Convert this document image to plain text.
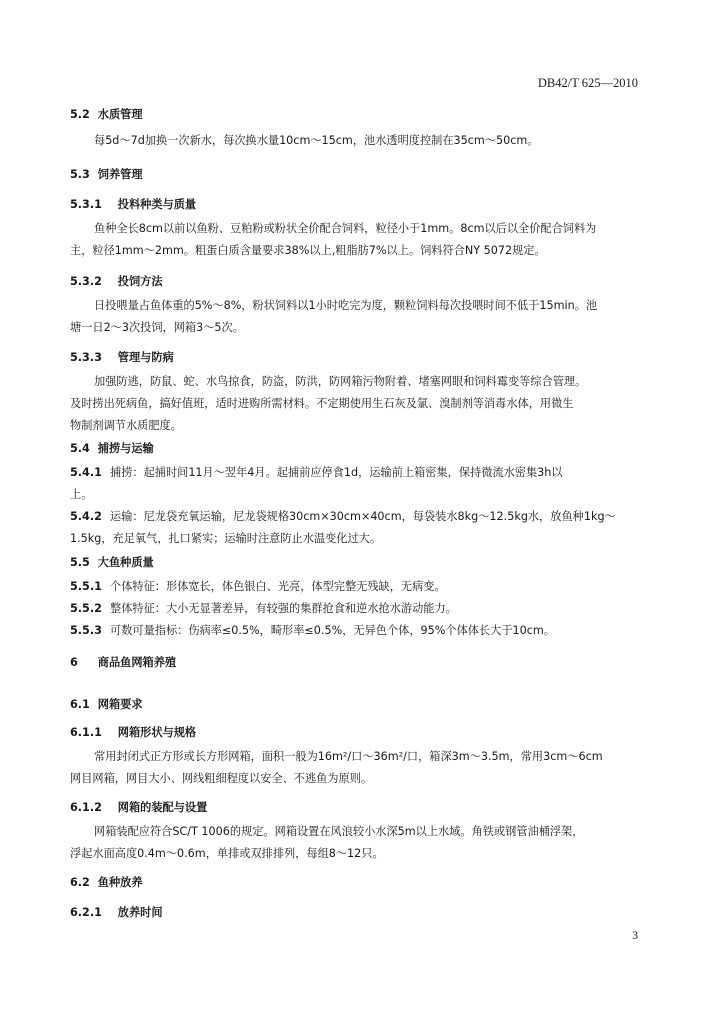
DB42/T 625—2010
5.2 水质管理
每5d～7d加换一次新水，每次换水量10cm～15cm，池水透明度控制在35cm～50cm。
5.3 饲养管理
5.3.1 投料种类与质量
鱼种全长8cm以前以鱼粉、豆粕粉或粉状全价配合饲料，粒径小于1mm。8cm以后以全价配合饲料为
主，粒径1mm～2mm。粗蛋白质含量要求38%以上,粗脂肪7%以上。饲料符合NY 5072规定。
5.3.2 投饲方法
日投喂量占鱼体重的5%～8%，粉状饲料以1小时吃完为度，颗粒饲料每次投喂时间不低于15min。池
塘一日2～3次投饲，网箱3～5次。
5.3.3 管理与防病
加强防逃，防鼠、蛇、水鸟掠食，防盗，防洪，防网箱污物附着、堵塞网眼和饲料霉变等综合管理。
及时捞出死病鱼，搞好值班，适时进购所需材料。不定期使用生石灰及氯、溴制剂等消毒水体，用微生
物制剂调节水质肥度。
5.4 捕捞与运输
5.4.1 捕捞：起捕时间11月～翌年4月。起捕前应停食1d，运输前上箱密集，保持微流水密集3h以
上。
5.4.2 运输：尼龙袋充氧运输，尼龙袋规格30cm×30cm×40cm，每袋装水8kg～12.5kg水，放鱼种1kg～
1.5kg，充足氧气，扎口紧实；运输时注意防止水温变化过大。
5.5 大鱼种质量
5.5.1 个体特征：形体宽长，体色银白、光亮，体型完整无残缺，无病变。
5.5.2 整体特征：大小无显著差异，有较强的集群抢食和逆水抢水游动能力。
5.5.3 可数可量指标：伤病率≤0.5%，畸形率≤0.5%，无异色个体，95%个体体长大于10cm。
6 商品鱼网箱养殖
6.1 网箱要求
6.1.1 网箱形状与规格
常用封闭式正方形或长方形网箱，面积一般为16m²/口～36m²/口，箱深3m～3.5m，常用3cm～6cm
网目网箱，网目大小、网线粗细程度以安全、不逃鱼为原则。
6.1.2 网箱的装配与设置
网箱装配应符合SC/T 1006的规定。网箱设置在风浪较小水深5m以上水域。角铁或钢管油桶浮架，
浮起水面高度0.4m～0.6m，单排或双排排列，每组8～12只。
6.2 鱼种放养
6.2.1 放养时间
3
